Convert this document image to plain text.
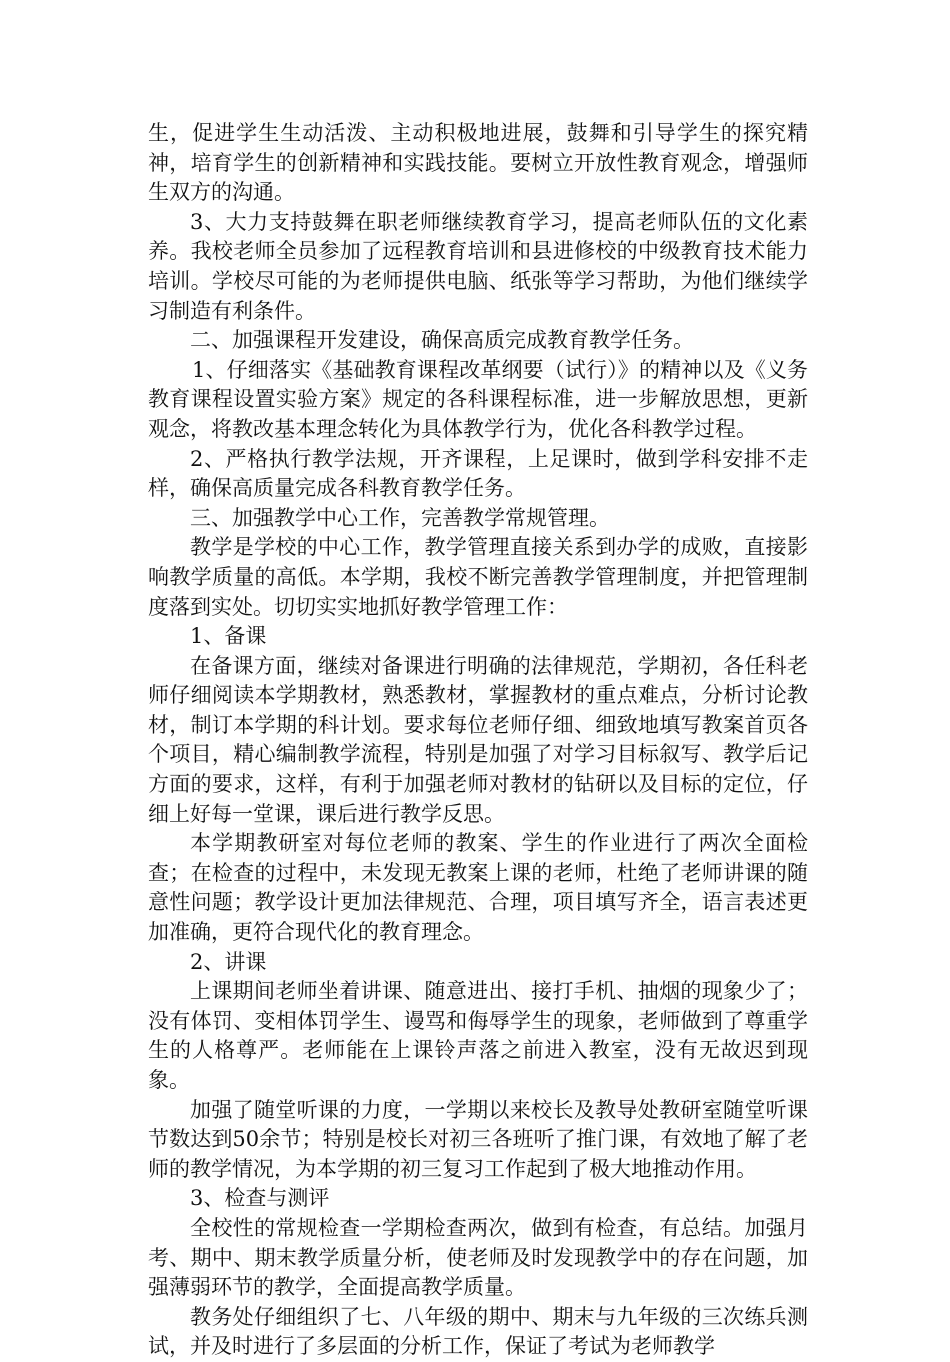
生，促进学生生动活泼、主动积极地进展，鼓舞和引导学生的探究精神，培育学生的创新精神和实践技能。要树立开放性教育观念，增强师生双方的沟通。

3、大力支持鼓舞在职老师继续教育学习，提高老师队伍的文化素养。我校老师全员参加了远程教育培训和县进修校的中级教育技术能力培训。学校尽可能的为老师提供电脑、纸张等学习帮助，为他们继续学习制造有利条件。

二、加强课程开发建设，确保高质完成教育教学任务。

1、仔细落实《基础教育课程改革纲要（试行）》的精神以及《义务教育课程设置实验方案》规定的各科课程标准，进一步解放思想，更新观念，将教改基本理念转化为具体教学行为，优化各科教学过程。

2、严格执行教学法规，开齐课程，上足课时，做到学科安排不走样，确保高质量完成各科教育教学任务。

三、加强教学中心工作，完善教学常规管理。

教学是学校的中心工作，教学管理直接关系到办学的成败，直接影响教学质量的高低。本学期，我校不断完善教学管理制度，并把管理制度落到实处。切切实实地抓好教学管理工作：

1、备课

在备课方面，继续对备课进行明确的法律规范，学期初，各任科老师仔细阅读本学期教材，熟悉教材，掌握教材的重点难点，分析讨论教材，制订本学期的科计划。要求每位老师仔细、细致地填写教案首页各个项目，精心编制教学流程，特别是加强了对学习目标叙写、教学后记方面的要求，这样，有利于加强老师对教材的钻研以及目标的定位，仔细上好每一堂课，课后进行教学反思。

本学期教研室对每位老师的教案、学生的作业进行了两次全面检查；在检查的过程中，未发现无教案上课的老师，杜绝了老师讲课的随意性问题；教学设计更加法律规范、合理，项目填写齐全，语言表述更加准确，更符合现代化的教育理念。

2、讲课

上课期间老师坐着讲课、随意进出、接打手机、抽烟的现象少了；没有体罚、变相体罚学生、谩骂和侮辱学生的现象，老师做到了尊重学生的人格尊严。老师能在上课铃声落之前进入教室，没有无故迟到现象。

加强了随堂听课的力度，一学期以来校长及教导处教研室随堂听课节数达到50余节；特别是校长对初三各班听了推门课，有效地了解了老师的教学情况，为本学期的初三复习工作起到了极大地推动作用。

3、检查与测评

全校性的常规检查一学期检查两次，做到有检查，有总结。加强月考、期中、期末教学质量分析，使老师及时发现教学中的存在问题，加强薄弱环节的教学，全面提高教学质量。

教务处仔细组织了七、八年级的期中、期末与九年级的三次练兵测试，并及时进行了多层面的分析工作，保证了考试为老师教学
